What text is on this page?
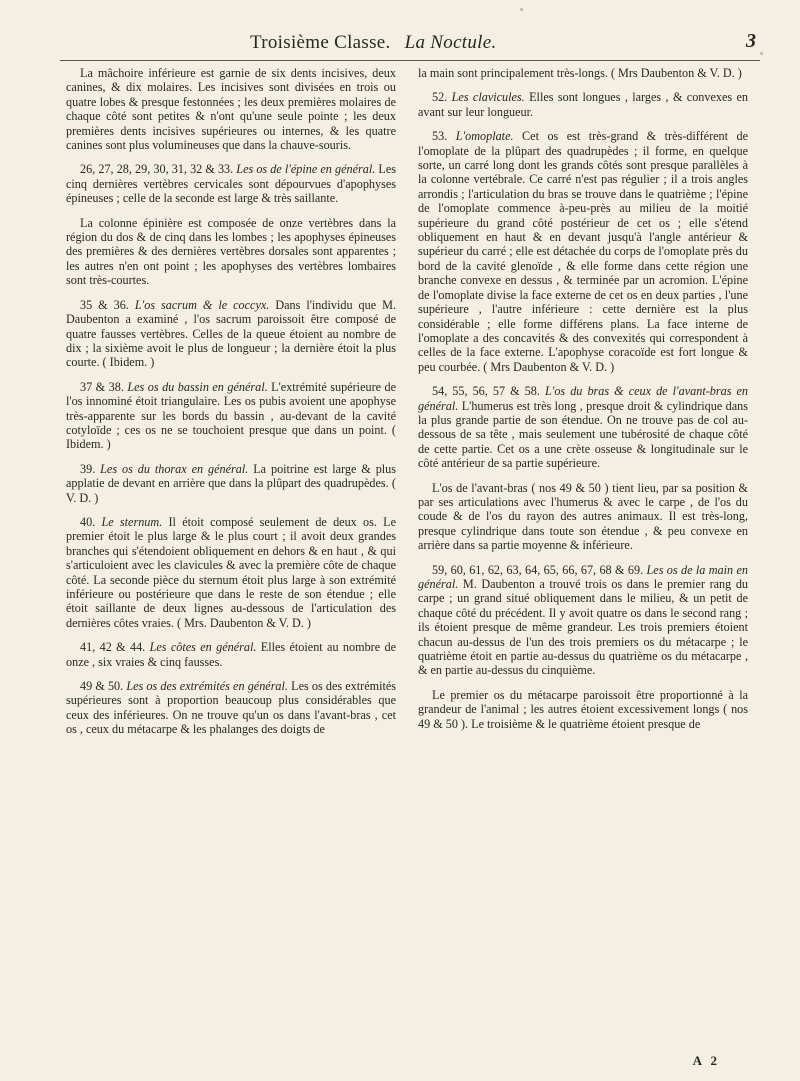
Troisième Classe. La Noctule.	3

La mâchoire inférieure est garnie de six dents incisives, deux canines, & dix molaires. Les incisives sont divisées en trois ou quatre lobes & presque festonnées ; les deux premières molaires de chaque côté sont petites & n'ont qu'une seule pointe ; les deux premières dents incisives supérieures ou internes, & les quatre canines sont plus volumineuses que dans la chauve-souris.

26, 27, 28, 29, 30, 31, 32 & 33. Les os de l'épine en général. Les cinq dernières vertèbres cervicales sont dépourvues d'apophyses épineuses ; celle de la seconde est large & très saillante.

La colonne épinière est composée de onze vertèbres dans la région du dos & de cinq dans les lombes ; les apophyses épineuses des premières & des dernières vertèbres dorsales sont apparentes ; les autres n'en ont point ; les apophyses des vertèbres lombaires sont très-courtes.

35 & 36. L'os sacrum & le coccyx. Dans l'individu que M. Daubenton a examiné , l'os sacrum paroissoit être composé de quatre fausses vertèbres. Celles de la queue étoient au nombre de dix ; la sixième avoit le plus de longueur ; la dernière étoit la plus courte. ( Ibidem. )

37 & 38. Les os du bassin en général. L'extrémité supérieure de l'os innominé étoit triangulaire. Les os pubis avoient une apophyse très-apparente sur les bords du bassin , au-devant de la cavité cotyloïde ; ces os ne se touchoient presque que dans un point. ( Ibidem. )

39. Les os du thorax en général. La poitrine est large & plus applatie de devant en arrière que dans la plûpart des quadrupèdes. ( V. D. )

40. Le sternum. Il étoit composé seulement de deux os. Le premier étoit le plus large & le plus court ; il avoit deux grandes branches qui s'étendoient obliquement en dehors & en haut , & qui s'articuloient avec les clavicules & avec la première côte de chaque côté. La seconde pièce du sternum étoit plus large à son extrémité inférieure ou postérieure que dans le reste de son étendue ; elle étoit saillante de deux lignes au-dessous de l'articulation des dernières côtes vraies. ( Mrs. Daubenton & V. D. )

41, 42 & 44. Les côtes en général. Elles étoient au nombre de onze , six vraies & cinq fausses.

49 & 50. Les os des extrémités en général. Les os des extrémités supérieures sont à proportion beaucoup plus considérables que ceux des inférieures. On ne trouve qu'un os dans l'avant-bras , cet os , ceux du métacarpe & les phalanges des doigts de

la main sont principalement très-longs. ( Mrs Daubenton & V. D. )

52. Les clavicules. Elles sont longues , larges , & convexes en avant sur leur longueur.

53. L'omoplate. Cet os est très-grand & très-différent de l'omoplate de la plûpart des quadrupèdes ; il forme, en quelque sorte, un carré long dont les grands côtés sont presque parallèles à la colonne vertébrale. Ce carré n'est pas régulier ; il a trois angles arrondis ; l'articulation du bras se trouve dans le quatrième ; l'épine de l'omoplate commence à-peu-près au milieu de la moitié supérieure du grand côté postérieur de cet os ; elle s'étend obliquement en haut & en devant jusqu'à l'angle antérieur & supérieur du carré ; elle est détachée du corps de l'omoplate près du bord de la cavité glenoïde , & elle forme dans cette région une branche convexe en dessus , & terminée par un acromion. L'épine de l'omoplate divise la face externe de cet os en deux parties , l'une supérieure , l'autre inférieure : cette dernière est la plus considérable ; elle forme différens plans. La face interne de l'omoplate a des concavités & des convexités qui correspondent à celles de la face externe. L'apophyse coracoïde est fort longue & peu courbée. ( Mrs Daubenton & V. D. )

54, 55, 56, 57 & 58. L'os du bras & ceux de l'avant-bras en général. L'humerus est très long , presque droit & cylindrique dans la plus grande partie de son étendue. On ne trouve pas de col au-dessous de sa tête , mais seulement une tubérosité de chaque côté de cette partie. Cet os a une crète osseuse & longitudinale sur le côté antérieur de sa partie supérieure.

L'os de l'avant-bras ( nos 49 & 50 ) tient lieu, par sa position & par ses articulations avec l'humerus & avec le carpe , de l'os du coude & de l'os du rayon des autres animaux. Il est très-long, presque cylindrique dans toute son étendue , & peu convexe en arrière dans sa partie moyenne & inférieure.

59, 60, 61, 62, 63, 64, 65, 66, 67, 68 & 69. Les os de la main en général. M. Daubenton a trouvé trois os dans le premier rang du carpe ; un grand situé obliquement dans le milieu, & un petit de chaque côté du précédent. Il y avoit quatre os dans le second rang ; ils étoient presque de même grandeur. Les trois premiers étoient chacun au-dessus de l'un des trois premiers os du métacarpe ; le quatrième étoit en partie au-dessus du quatrième os du métacarpe , & en partie au-dessus du cinquième.

Le premier os du métacarpe paroissoit être proportionné à la grandeur de l'animal ; les autres étoient excessivement longs ( nos 49 & 50 ). Le troisième & le quatrième étoient presque de

A 2
